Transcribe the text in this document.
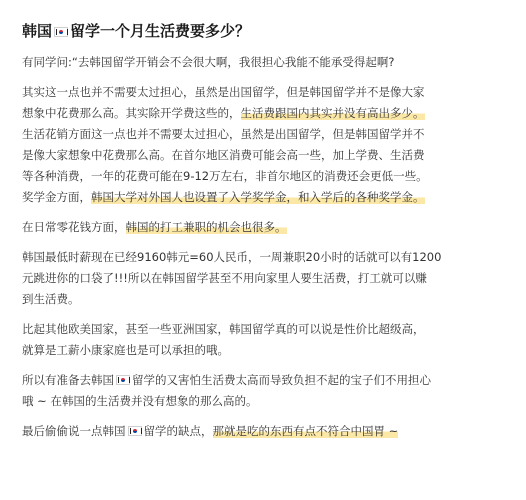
韩国 留学一个月生活费要多少？
有同学问:“去韩国留学开销会不会很大啊，我很担心我能不能承受得起啊?
其实这一点也并不需要太过担心，虽然是出国留学，但是韩国留学并不是像大家
想象中花费那么高。其实除开学费这些的，生活费跟国内其实并没有高出多少。
生活花销方面这一点也并不需要太过担心，虽然是出国留学，但是韩国留学并不
是像大家想象中花费那么高。在首尔地区消费可能会高一些，加上学费、生活费
等各种消费，一年的花费可能在9-12万左右，非首尔地区的消费还会更低一些。
奖学金方面，韩国大学对外国人也设置了入学奖学金，和入学后的各种奖学金。
在日常零花钱方面，韩国的打工兼职的机会也很多。
韩国最低时薪现在已经9160韩元=60人民币，一周兼职20小时的话就可以有1200
元跳进你的口袋了!!!所以在韩国留学甚至不用向家里人要生活费，打工就可以赚
到生活费。
比起其他欧美国家，甚至一些亚洲国家，韩国留学真的可以说是性价比超级高，
就算是工薪小康家庭也是可以承担的哦。
所以有准备去韩国 留学的又害怕生活费太高而导致负担不起的宝子们不用担心
哦 ~ 在韩国的生活费并没有想象的那么高的。
最后偷偷说一点韩国 留学的缺点，那就是吃的东西有点不符合中国胃 ~
